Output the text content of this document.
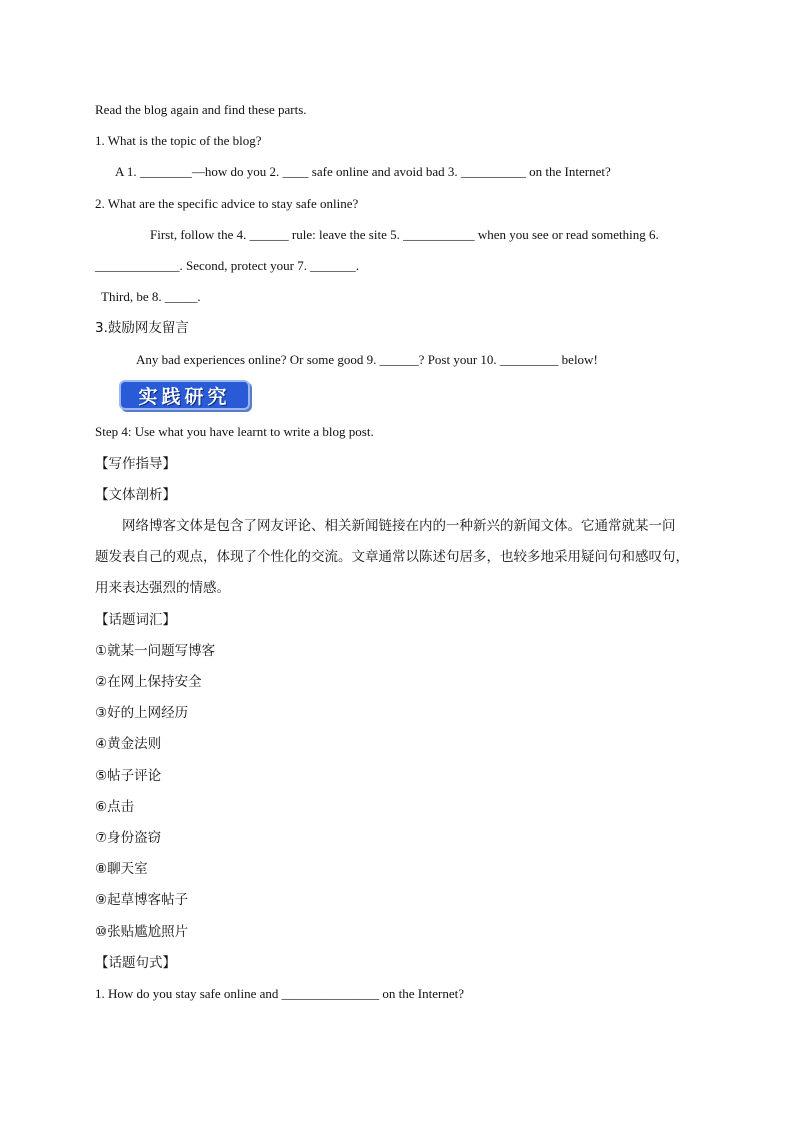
Read the blog again and find these parts.
1. What is the topic of the blog?
A 1. ________—how do you 2. ____ safe online and avoid bad 3. __________ on the Internet?
2. What are the specific advice to stay safe online?
First, follow the 4. ______ rule: leave the site 5. ___________ when you see or read something 6.
_____________. Second, protect your 7. _______.
Third, be 8. _____.
3.鼓励网友留言
Any bad experiences online? Or some good 9. ______? Post your 10. _________ below!
实践研究
Step 4: Use what you have learnt to write a blog post.
【写作指导】
【文体剖析】
网络博客文体是包含了网友评论、相关新闻链接在内的一种新兴的新闻文体。它通常就某一问
题发表自己的观点，体现了个性化的交流。文章通常以陈述句居多，也较多地采用疑问句和感叹句，
用来表达强烈的情感。
【话题词汇】
①就某一问题写博客
②在网上保持安全
③好的上网经历
④黄金法则
⑤帖子评论
⑥点击
⑦身份盗窃
⑧聊天室
⑨起草博客帖子
⑩张贴尴尬照片
【话题句式】
1. How do you stay safe online and _______________ on the Internet?
